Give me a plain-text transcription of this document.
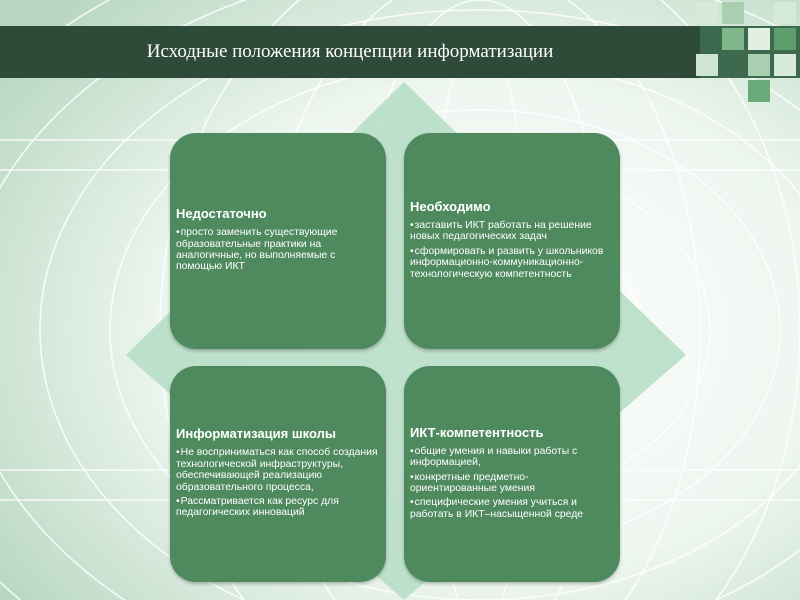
Исходные положения концепции информатизации
Недостаточно
•просто заменить существующие образовательные практики на аналогичные, но выполняемые с помощью ИКТ
Необходимо
•заставить ИКТ работать на решение новых педагогических задач
•сформировать и развить у школьников информационно-коммуникационно-технологическую компетентность
Информатизация школы
•Не восприниматься как способ создания технологической инфраструктуры, обеспечивающей реализацию образовательного процесса,
•Рассматривается как ресурс для педагогических инноваций
ИКТ-компетентность
•общие умения и навыки работы с информацией,
•конкретные предметно-ориентированные умения
•специфические умения учиться и работать в ИКТ–насыщенной среде
